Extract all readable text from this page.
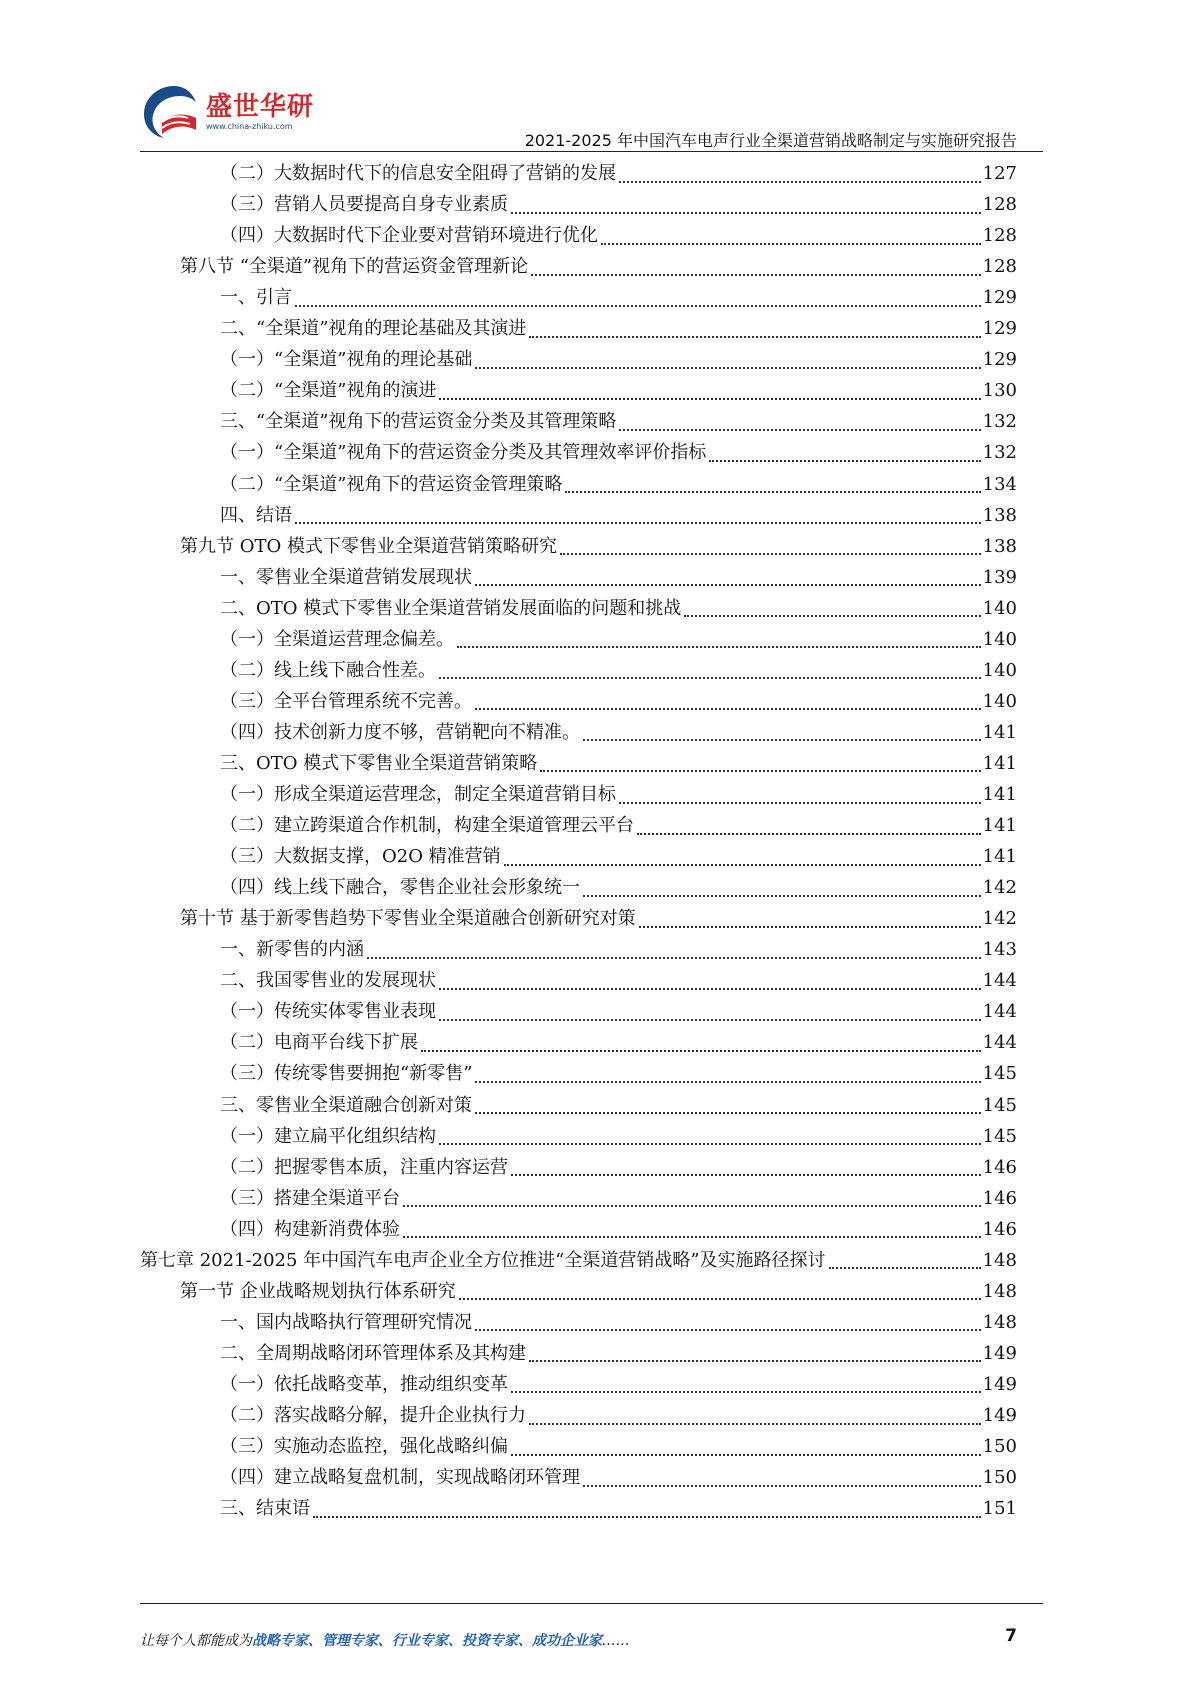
盛世华研
www.china-zhiku.com
2021-2025 年中国汽车电声行业全渠道营销战略制定与实施研究报告
（二）大数据时代下的信息安全阻碍了营销的发展	127
（三）营销人员要提高自身专业素质	128
（四）大数据时代下企业要对营销环境进行优化	128
第八节 “全渠道”视角下的营运资金管理新论	128
一、引言	129
二、“全渠道”视角的理论基础及其演进	129
（一）“全渠道”视角的理论基础	129
（二）“全渠道”视角的演进	130
三、“全渠道”视角下的营运资金分类及其管理策略	132
（一）“全渠道”视角下的营运资金分类及其管理效率评价指标	132
（二）“全渠道”视角下的营运资金管理策略	134
四、结语	138
第九节 OTO 模式下零售业全渠道营销策略研究	138
一、零售业全渠道营销发展现状	139
二、OTO 模式下零售业全渠道营销发展面临的问题和挑战	140
（一）全渠道运营理念偏差。	140
（二）线上线下融合性差。	140
（三）全平台管理系统不完善。	140
（四）技术创新力度不够，营销靶向不精准。	141
三、OTO 模式下零售业全渠道营销策略	141
（一）形成全渠道运营理念，制定全渠道营销目标	141
（二）建立跨渠道合作机制，构建全渠道管理云平台	141
（三）大数据支撑，O2O 精准营销	141
（四）线上线下融合，零售企业社会形象统一	142
第十节 基于新零售趋势下零售业全渠道融合创新研究对策	142
一、新零售的内涵	143
二、我国零售业的发展现状	144
（一）传统实体零售业表现	144
（二）电商平台线下扩展	144
（三）传统零售要拥抱“新零售”	145
三、零售业全渠道融合创新对策	145
（一）建立扁平化组织结构	145
（二）把握零售本质，注重内容运营	146
（三）搭建全渠道平台	146
（四）构建新消费体验	146
第七章 2021-2025 年中国汽车电声企业全方位推进“全渠道营销战略”及实施路径探讨	148
第一节 企业战略规划执行体系研究	148
一、国内战略执行管理研究情况	148
二、全周期战略闭环管理体系及其构建	149
（一）依托战略变革，推动组织变革	149
（二）落实战略分解，提升企业执行力	149
（三）实施动态监控，强化战略纠偏	150
（四）建立战略复盘机制，实现战略闭环管理	150
三、结束语	151
让每个人都能成为战略专家、管理专家、行业专家、投资专家、成功企业家……	7
